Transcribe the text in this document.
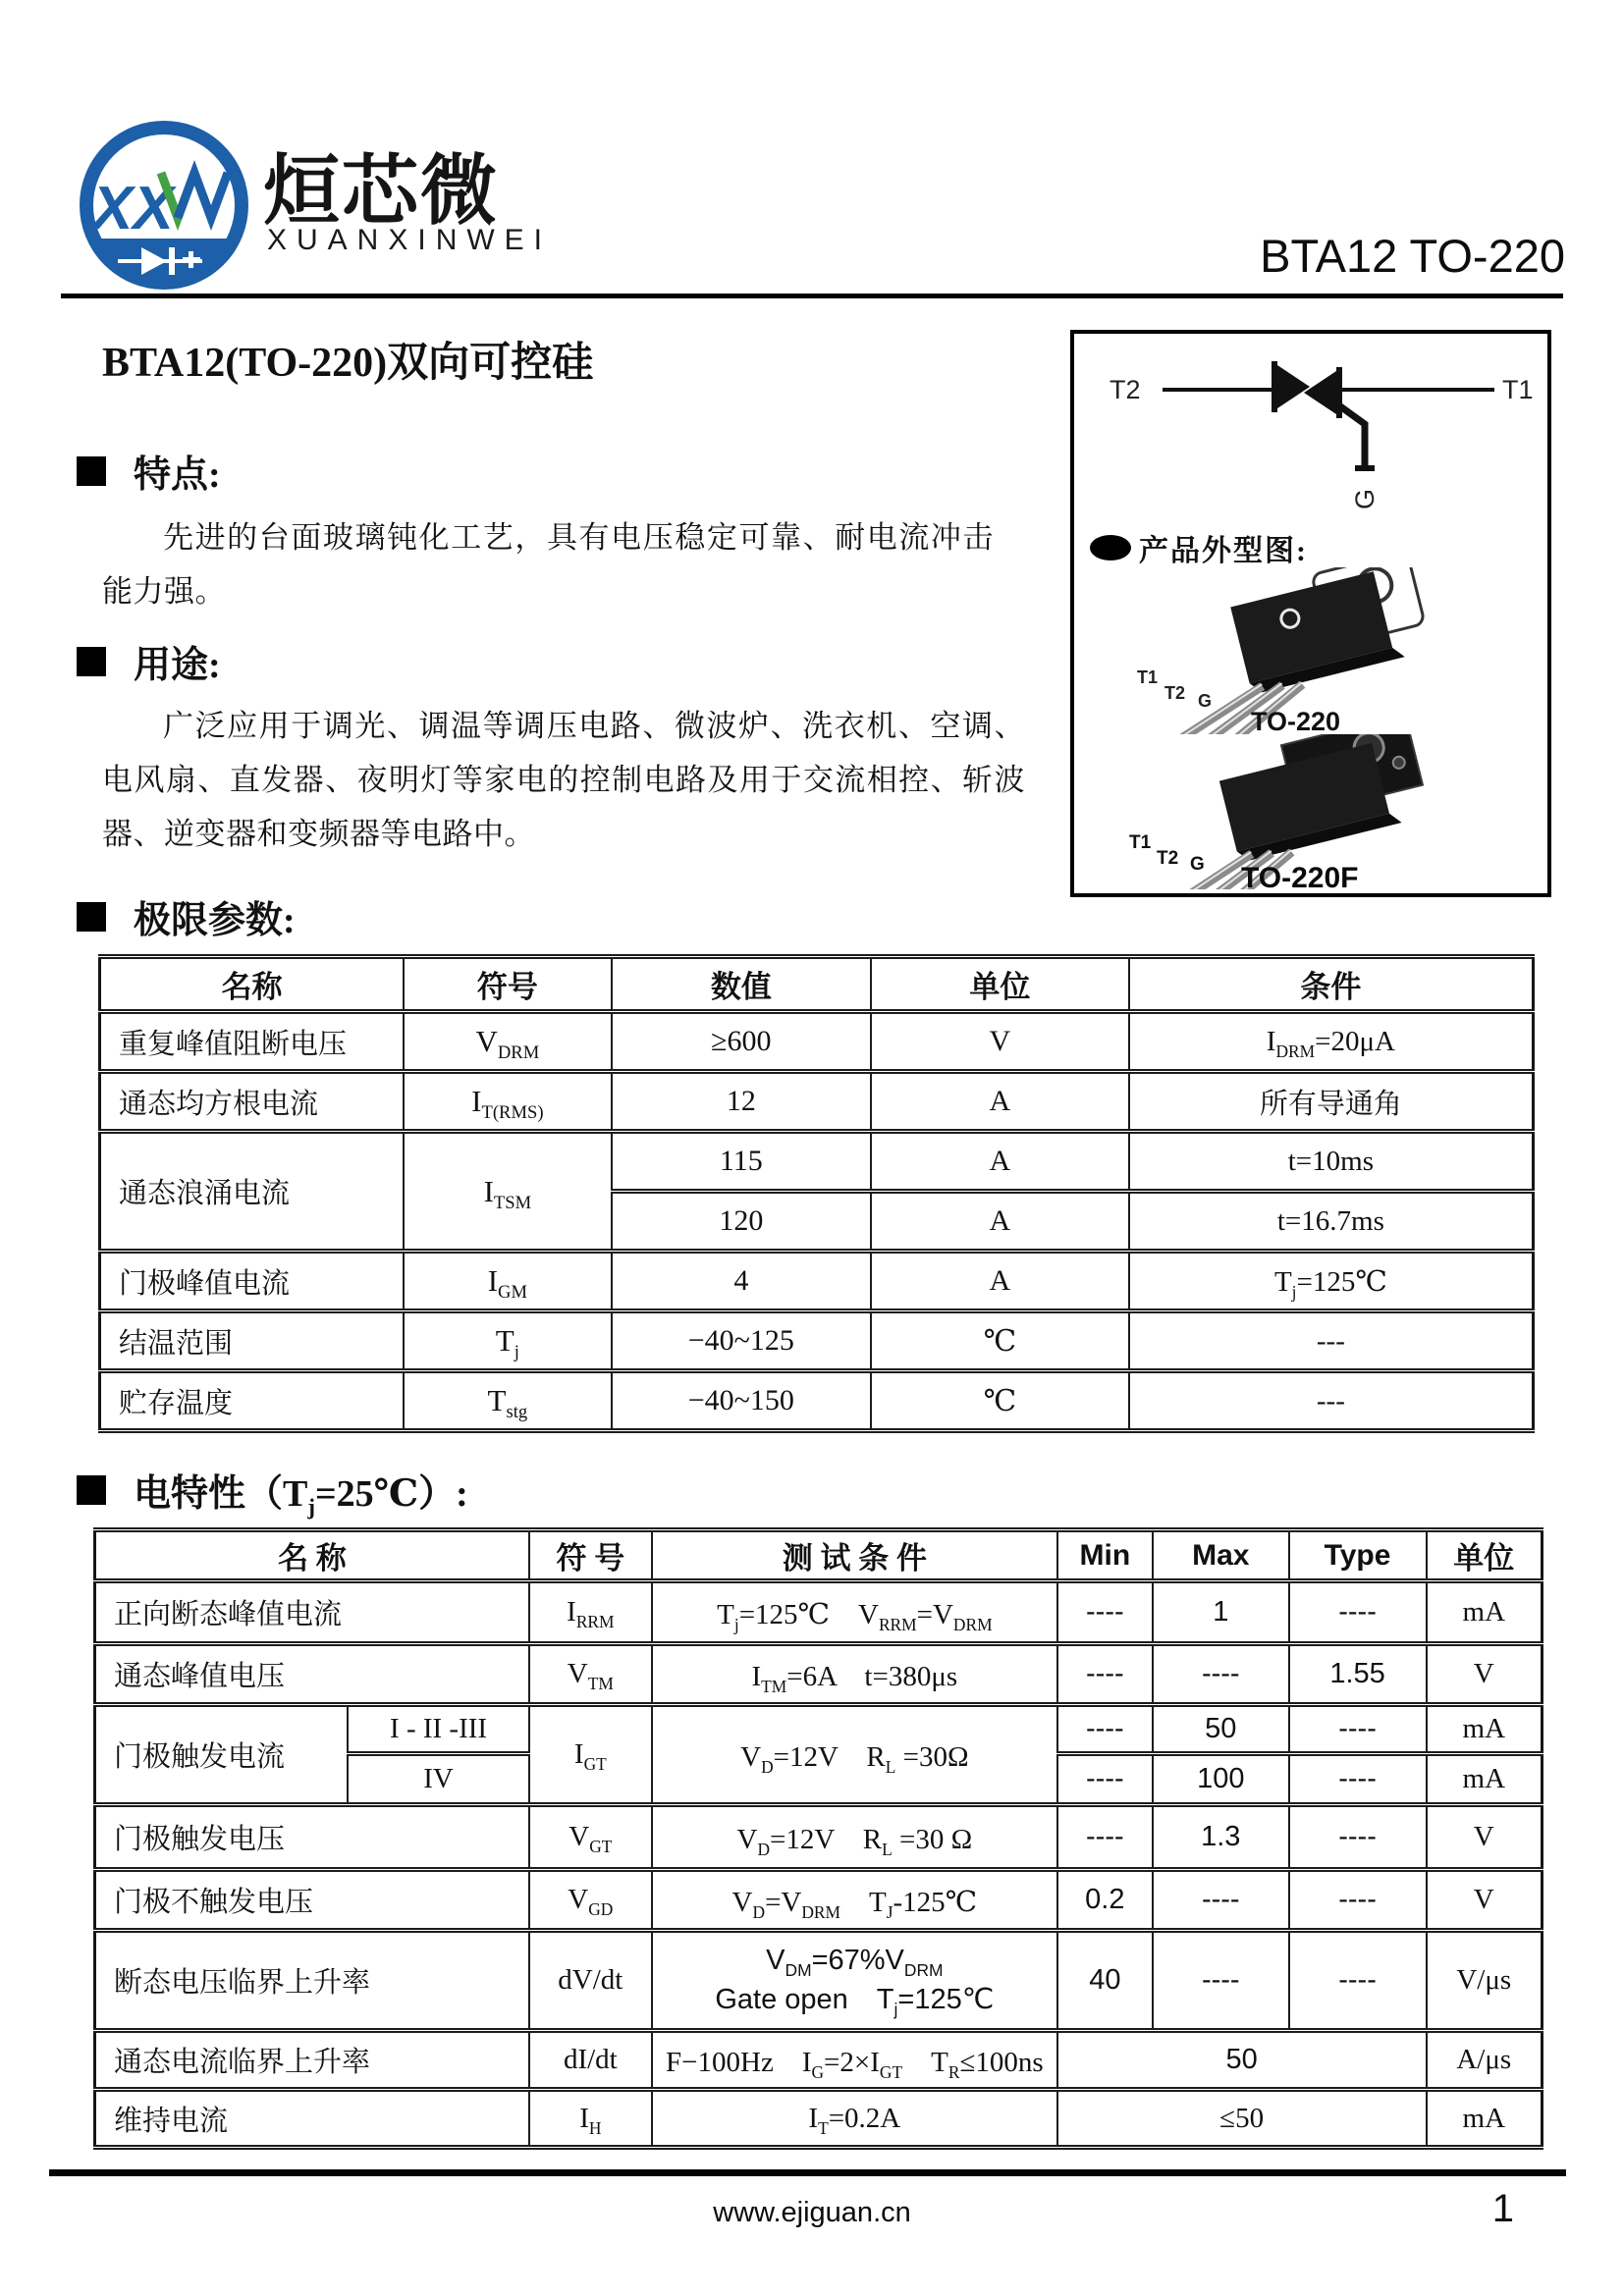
XX 烜芯微
XUANXINWEI	BTA12 TO-220
BTA12(TO-220)双向可控硅
特点:
先进的台面玻璃钝化工艺，具有电压稳定可靠、耐电流冲击能力强。
用途:
广泛应用于调光、调温等调压电路、微波炉、洗衣机、空调、电风扇、直发器、夜明灯等家电的控制电路及用于交流相控、斩波器、逆变器和变频器等电路中。
T2
G
T1
产品外型图:
T1
T2 G
TO-220
T1
T2 G TO-220F
极限参数:
名称	符号	数值	单位	条件
重复峰值阻断电压	$V_{DRM}$	≥600	V	$I_{DRM}=20\mu A$
通态均方根电流	$I_{T(RMS)}$	12	A	所有导通角
通态浪涌电流	$I_{TSM}$	115	A	t=10ms
		120	A	t=16.7ms
门极峰值电流	$I_{GM}$	4	A	$T_j=125℃$
结温范围	$T_j$	−40~125	℃	---
贮存温度	$T_{stg}$	−40~150	℃	---
电特性$(T_j=25℃)$:
名 称		符 号	测 试 条 件	Min	Max	Type	单位
正向断态峰值电流		$I_{RRM}$	$T_j=125℃$　$V_{RRM}=V_{DRM}$	----	1	----	mA
通态峰值电压		$V_{TM}$	$I_{TM}=6A$　t=380μs	----	----	1.55	V
门极触发电流	I - II -III	$I_{GT}$	$V_D=12V$　$R_L =30\Omega$	----	50	----	mA
	IV			----	100	----	mA
门极触发电压		$V_{GT}$	$V_D=12V$　$R_L =30$ Ω	----	1.3	----	V
门极不触发电压		$V_{GD}$	$V_D=V_{DRM}$　$T_J-125℃$	0.2	----	----	V
断态电压临界上升率		dV/dt	$V_{DM}=67\%V_{DRM}$
Gate open　$T_j=125℃$	40	----	----	V/μs
通态电流临界上升率		dI/dt	F−100Hz　$I_G=2\times I_{GT}$　$T_R\le 100ns$	50			A/μs
维持电流		$I_H$	$I_T=0.2A$	≤50			mA
www.ejiguan.cn	1
